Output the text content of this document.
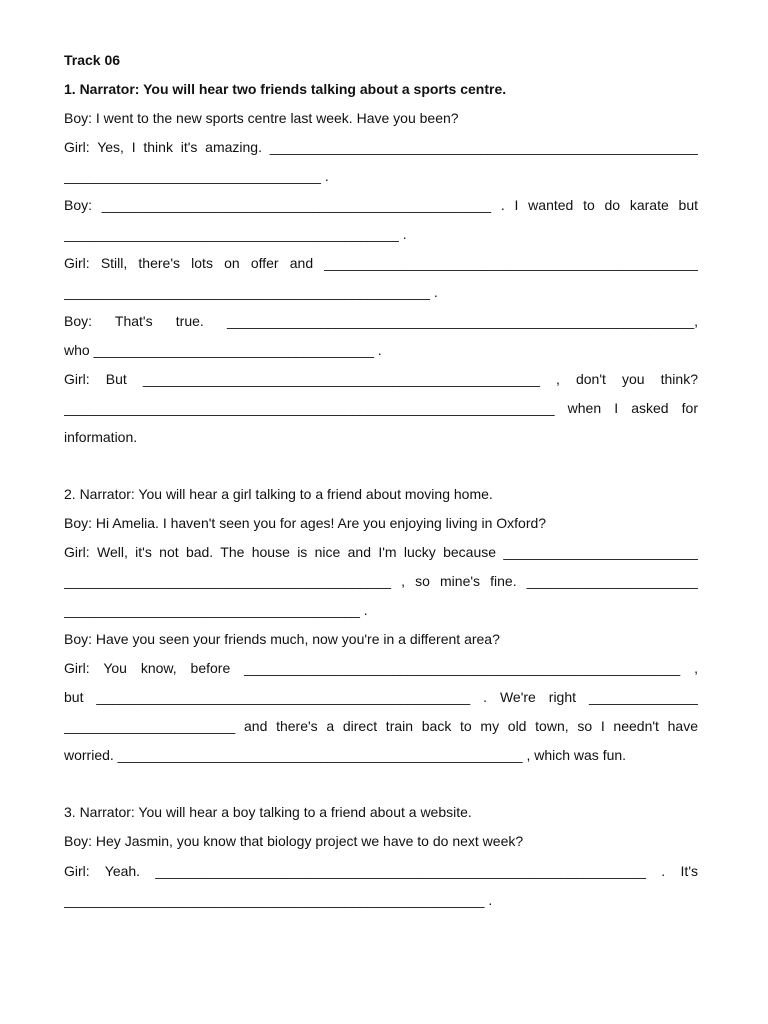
Track 06
1. Narrator: You will hear two friends talking about a sports centre.
Boy: I went to the new sports centre last week. Have you been?
Girl: Yes, I think it's amazing. _______________________________________________________
_________________________________ .
Boy: __________________________________________________ . I wanted to do karate but
___________________________________________ .
Girl: Still, there's lots on offer and ________________________________________________
_______________________________________________ .
Boy: That's true. ____________________________________________________________,
who ____________________________________ .
Girl: But ___________________________________________________ , don't you think?
_______________________________________________________________ when I asked for
information.
2. Narrator: You will hear a girl talking to a friend about moving home.
Boy: Hi Amelia. I haven't seen you for ages! Are you enjoying living in Oxford?
Girl: Well, it's not bad. The house is nice and I'm lucky because _________________________
__________________________________________ , so mine's fine. ______________________
______________________________________ .
Boy: Have you seen your friends much, now you're in a different area?
Girl: You know, before ________________________________________________________ ,
but ________________________________________________ . We're right ______________
______________________ and there's a direct train back to my old town, so I needn't have
worried. ____________________________________________________ , which was fun.
3. Narrator: You will hear a boy talking to a friend about a website.
Boy: Hey Jasmin, you know that biology project we have to do next week?
Girl: Yeah. _______________________________________________________________ . It's
______________________________________________________ .
